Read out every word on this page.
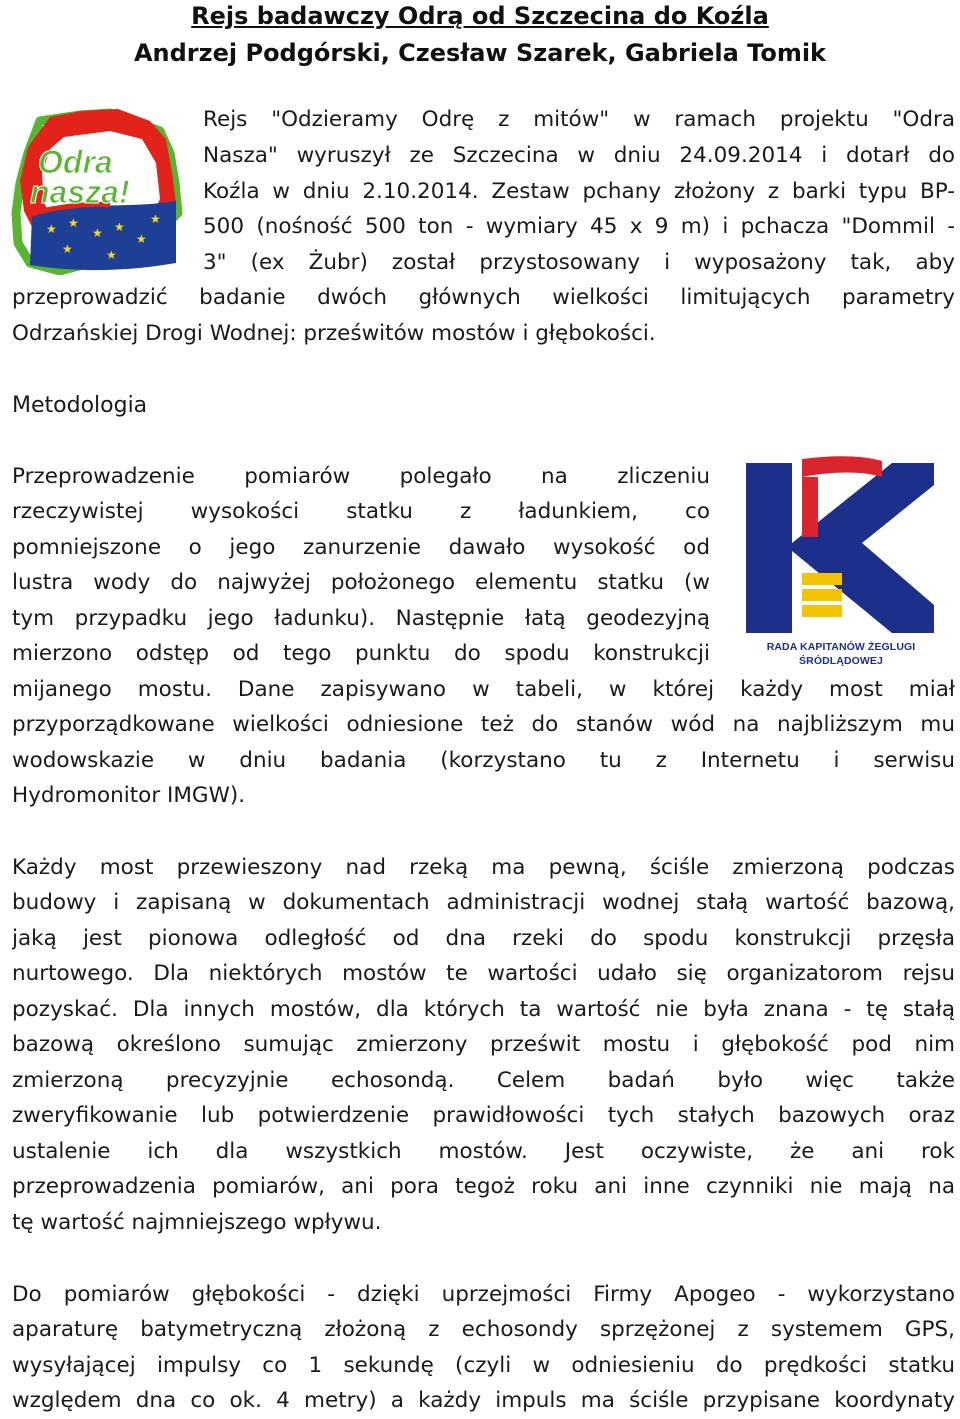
Rejs badawczy Odrą od Szczecina do Koźla
Andrzej Podgórski, Czesław Szarek, Gabriela Tomik
★ ★
★ ★
★
★	★
★
Odra
nasza!
Rejs "Odzieramy Odrę z mitów" w ramach projektu "Odra
Nasza" wyruszył ze Szczecina w dniu 24.09.2014 i dotarł do
Koźla w dniu 2.10.2014. Zestaw pchany złożony z barki typu BP-
500 (nośność 500 ton - wymiary 45 x 9 m) i pchacza "Dommil -
3" (ex Żubr) został przystosowany i wyposażony tak, aby
przeprowadzić badanie dwóch głównych wielkości limitujących parametry
Odrzańskiej Drogi Wodnej: prześwitów mostów i głębokości.
Metodologia
RADA KAPITANÓW ŻEGLUGI ŚRÓDLĄDOWEJ
Przeprowadzenie pomiarów polegało na zliczeniu
rzeczywistej wysokości statku z ładunkiem, co
pomniejszone o jego zanurzenie dawało wysokość od
lustra wody do najwyżej położonego elementu statku (w
tym przypadku jego ładunku). Następnie łatą geodezyjną
mierzono odstęp od tego punktu do spodu konstrukcji
mijanego mostu. Dane zapisywano w tabeli, w której każdy most miał
przyporządkowane wielkości odniesione też do stanów wód na najbliższym mu
wodowskazie w dniu badania (korzystano tu z Internetu i serwisu
Hydromonitor IMGW).
Każdy most przewieszony nad rzeką ma pewną, ściśle zmierzoną podczas
budowy i zapisaną w dokumentach administracji wodnej stałą wartość bazową,
jaką jest pionowa odległość od dna rzeki do spodu konstrukcji przęsła
nurtowego. Dla niektórych mostów te wartości udało się organizatorom rejsu
pozyskać. Dla innych mostów, dla których ta wartość nie była znana - tę stałą
bazową określono sumując zmierzony prześwit mostu i głębokość pod nim
zmierzoną precyzyjnie echosondą. Celem badań było więc także
zweryfikowanie lub potwierdzenie prawidłowości tych stałych bazowych oraz
ustalenie ich dla wszystkich mostów. Jest oczywiste, że ani rok
przeprowadzenia pomiarów, ani pora tegoż roku ani inne czynniki nie mają na
tę wartość najmniejszego wpływu.
Do pomiarów głębokości - dzięki uprzejmości Firmy Apogeo - wykorzystano
aparaturę batymetryczną złożoną z echosondy sprzężonej z systemem GPS,
wysyłającej impulsy co 1 sekundę (czyli w odniesieniu do prędkości statku
względem dna co ok. 4 metry) a każdy impuls ma ściśle przypisane koordynaty
